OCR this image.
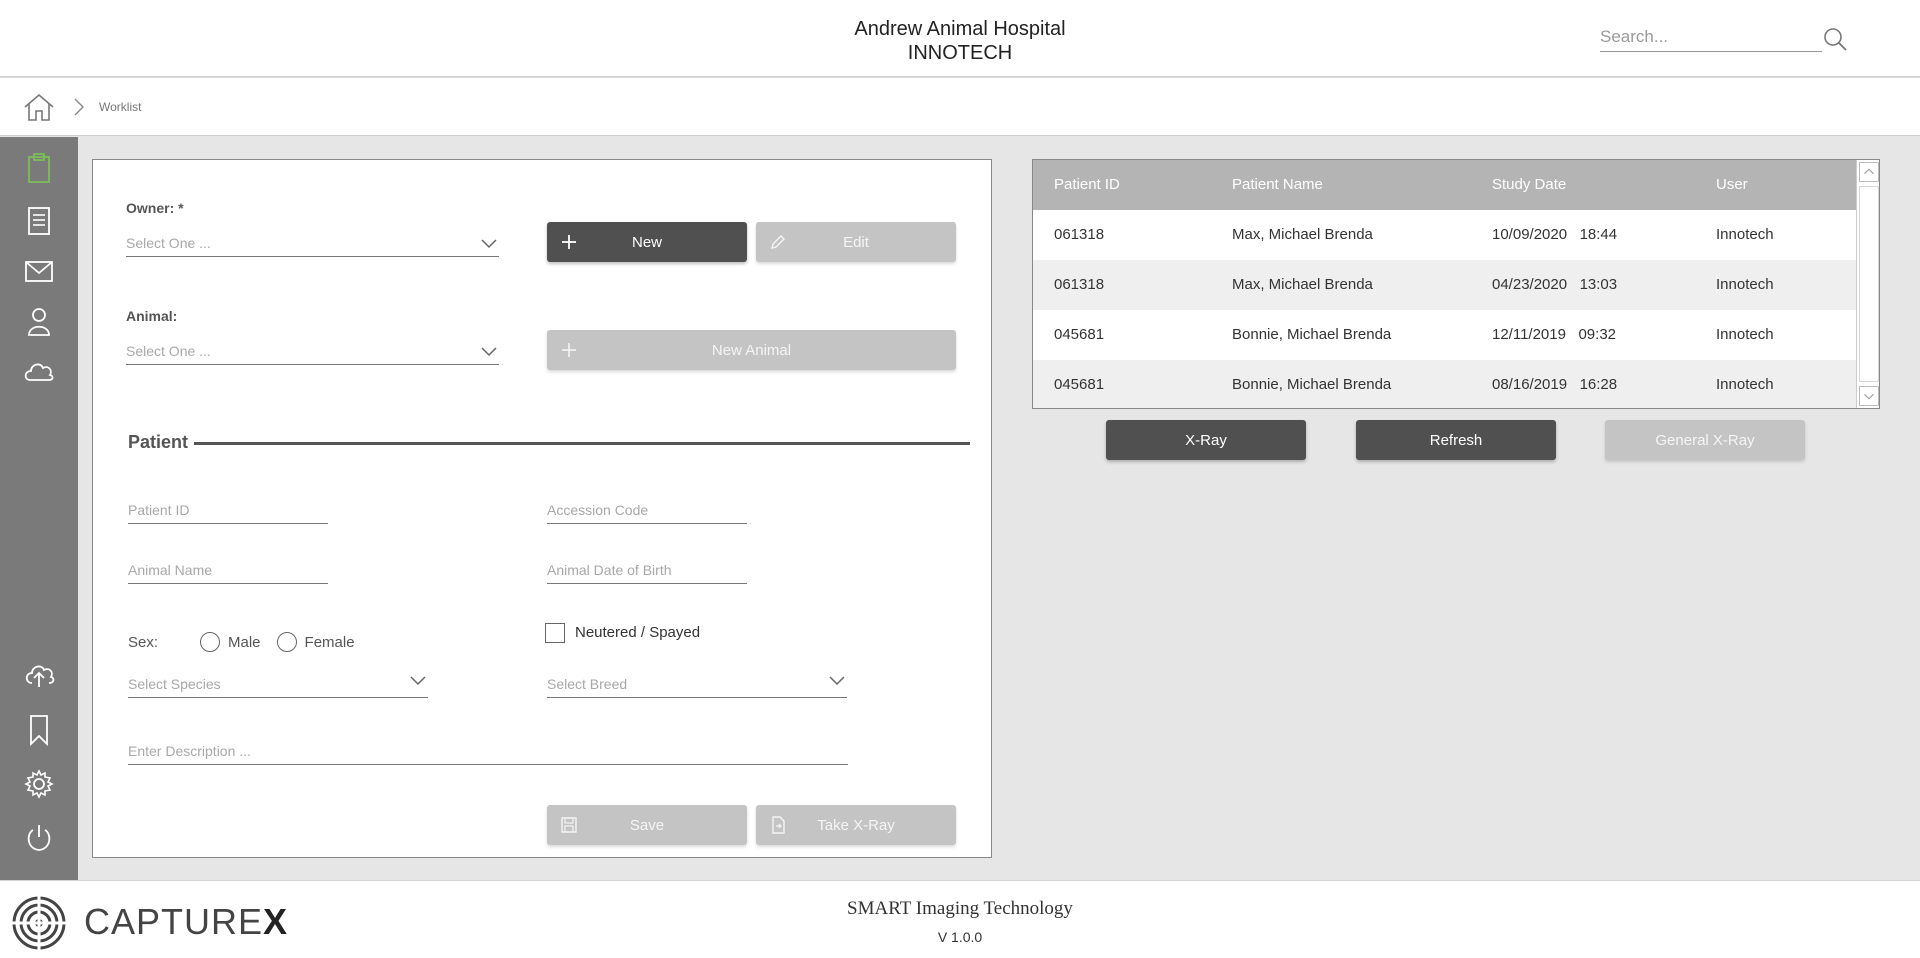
Andrew Animal Hospital
INNOTECH
Search...
Worklist
Owner: *
Select One ...	New	Edit
Animal:
Select One ...	New Animal
Patient
Patient ID
Accession Code
Animal Name
Animal Date of Birth
Sex:	Male	Female
Neutered / Spayed
Select Species	Select Breed
Enter Description ...
Save	Take X-Ray
Patient ID	Patient Name	Study Date	User
061318	Max, Michael Brenda	10/09/2020   18:44	Innotech
061318	Max, Michael Brenda	04/23/2020   13:03	Innotech
045681	Bonnie, Michael Brenda	12/11/2019   09:32	Innotech
045681	Bonnie, Michael Brenda	08/16/2019   16:28	Innotech
X-Ray	Refresh	General X-Ray
CAPTUREX	SMART Imaging Technology
V 1.0.0
